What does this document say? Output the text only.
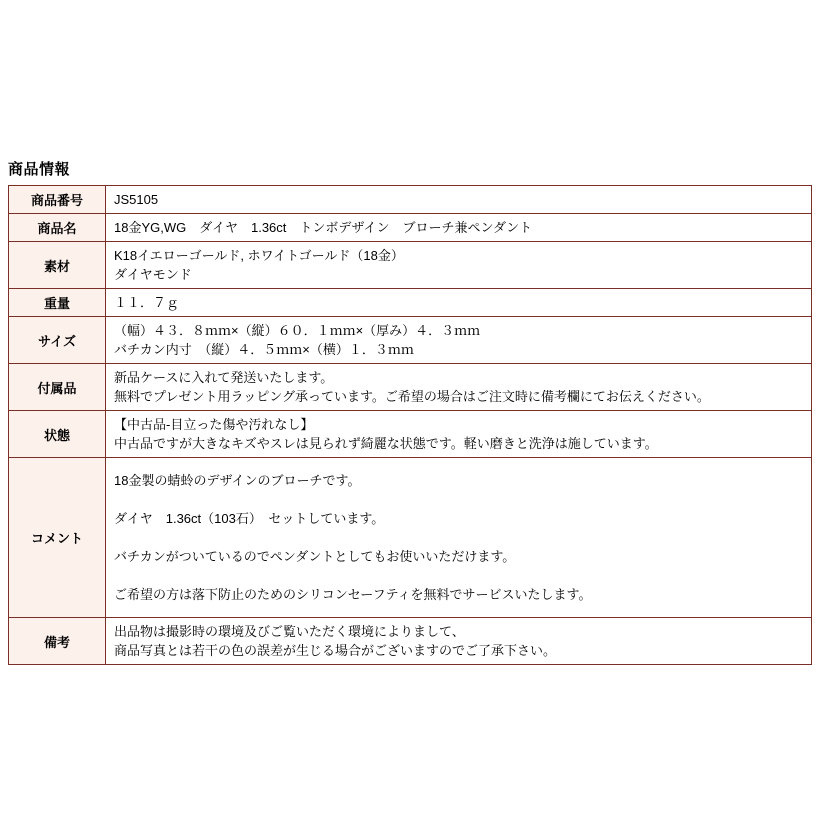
商品情報
商品番号	JS5105

商品名	18金YG,WG　ダイヤ　1.36ct　トンボデザイン　ブローチ兼ペンダント

素材	K18イエローゴールド, ホワイトゴールド（18金）
ダイヤモンド

重量	１１．７ｇ

サイズ	（幅）４３．８ｍｍ×（縦）６０．１ｍｍ×（厚み）４．３ｍｍ
バチカン内寸　（縦）４．５ｍｍ×（横）１．３ｍｍ

付属品	新品ケースに入れて発送いたします。
無料でプレゼント用ラッピング承っています。ご希望の場合はご注文時に備考欄にてお伝えください。

状態	【中古品-目立った傷や汚れなし】
中古品ですが大きなキズやスレは見られず綺麗な状態です。軽い磨きと洗浄は施しています。

コメント	18金製の蜻蛉のデザインのブローチです。
ダイヤ　1.36ct（103石）　セットしています。
バチカンがついているのでペンダントとしてもお使いいただけます。
ご希望の方は落下防止のためのシリコンセーフティを無料でサービスいたします。

備考	出品物は撮影時の環境及びご覧いただく環境によりまして、
商品写真とは若干の色の誤差が生じる場合がございますのでご了承下さい。
